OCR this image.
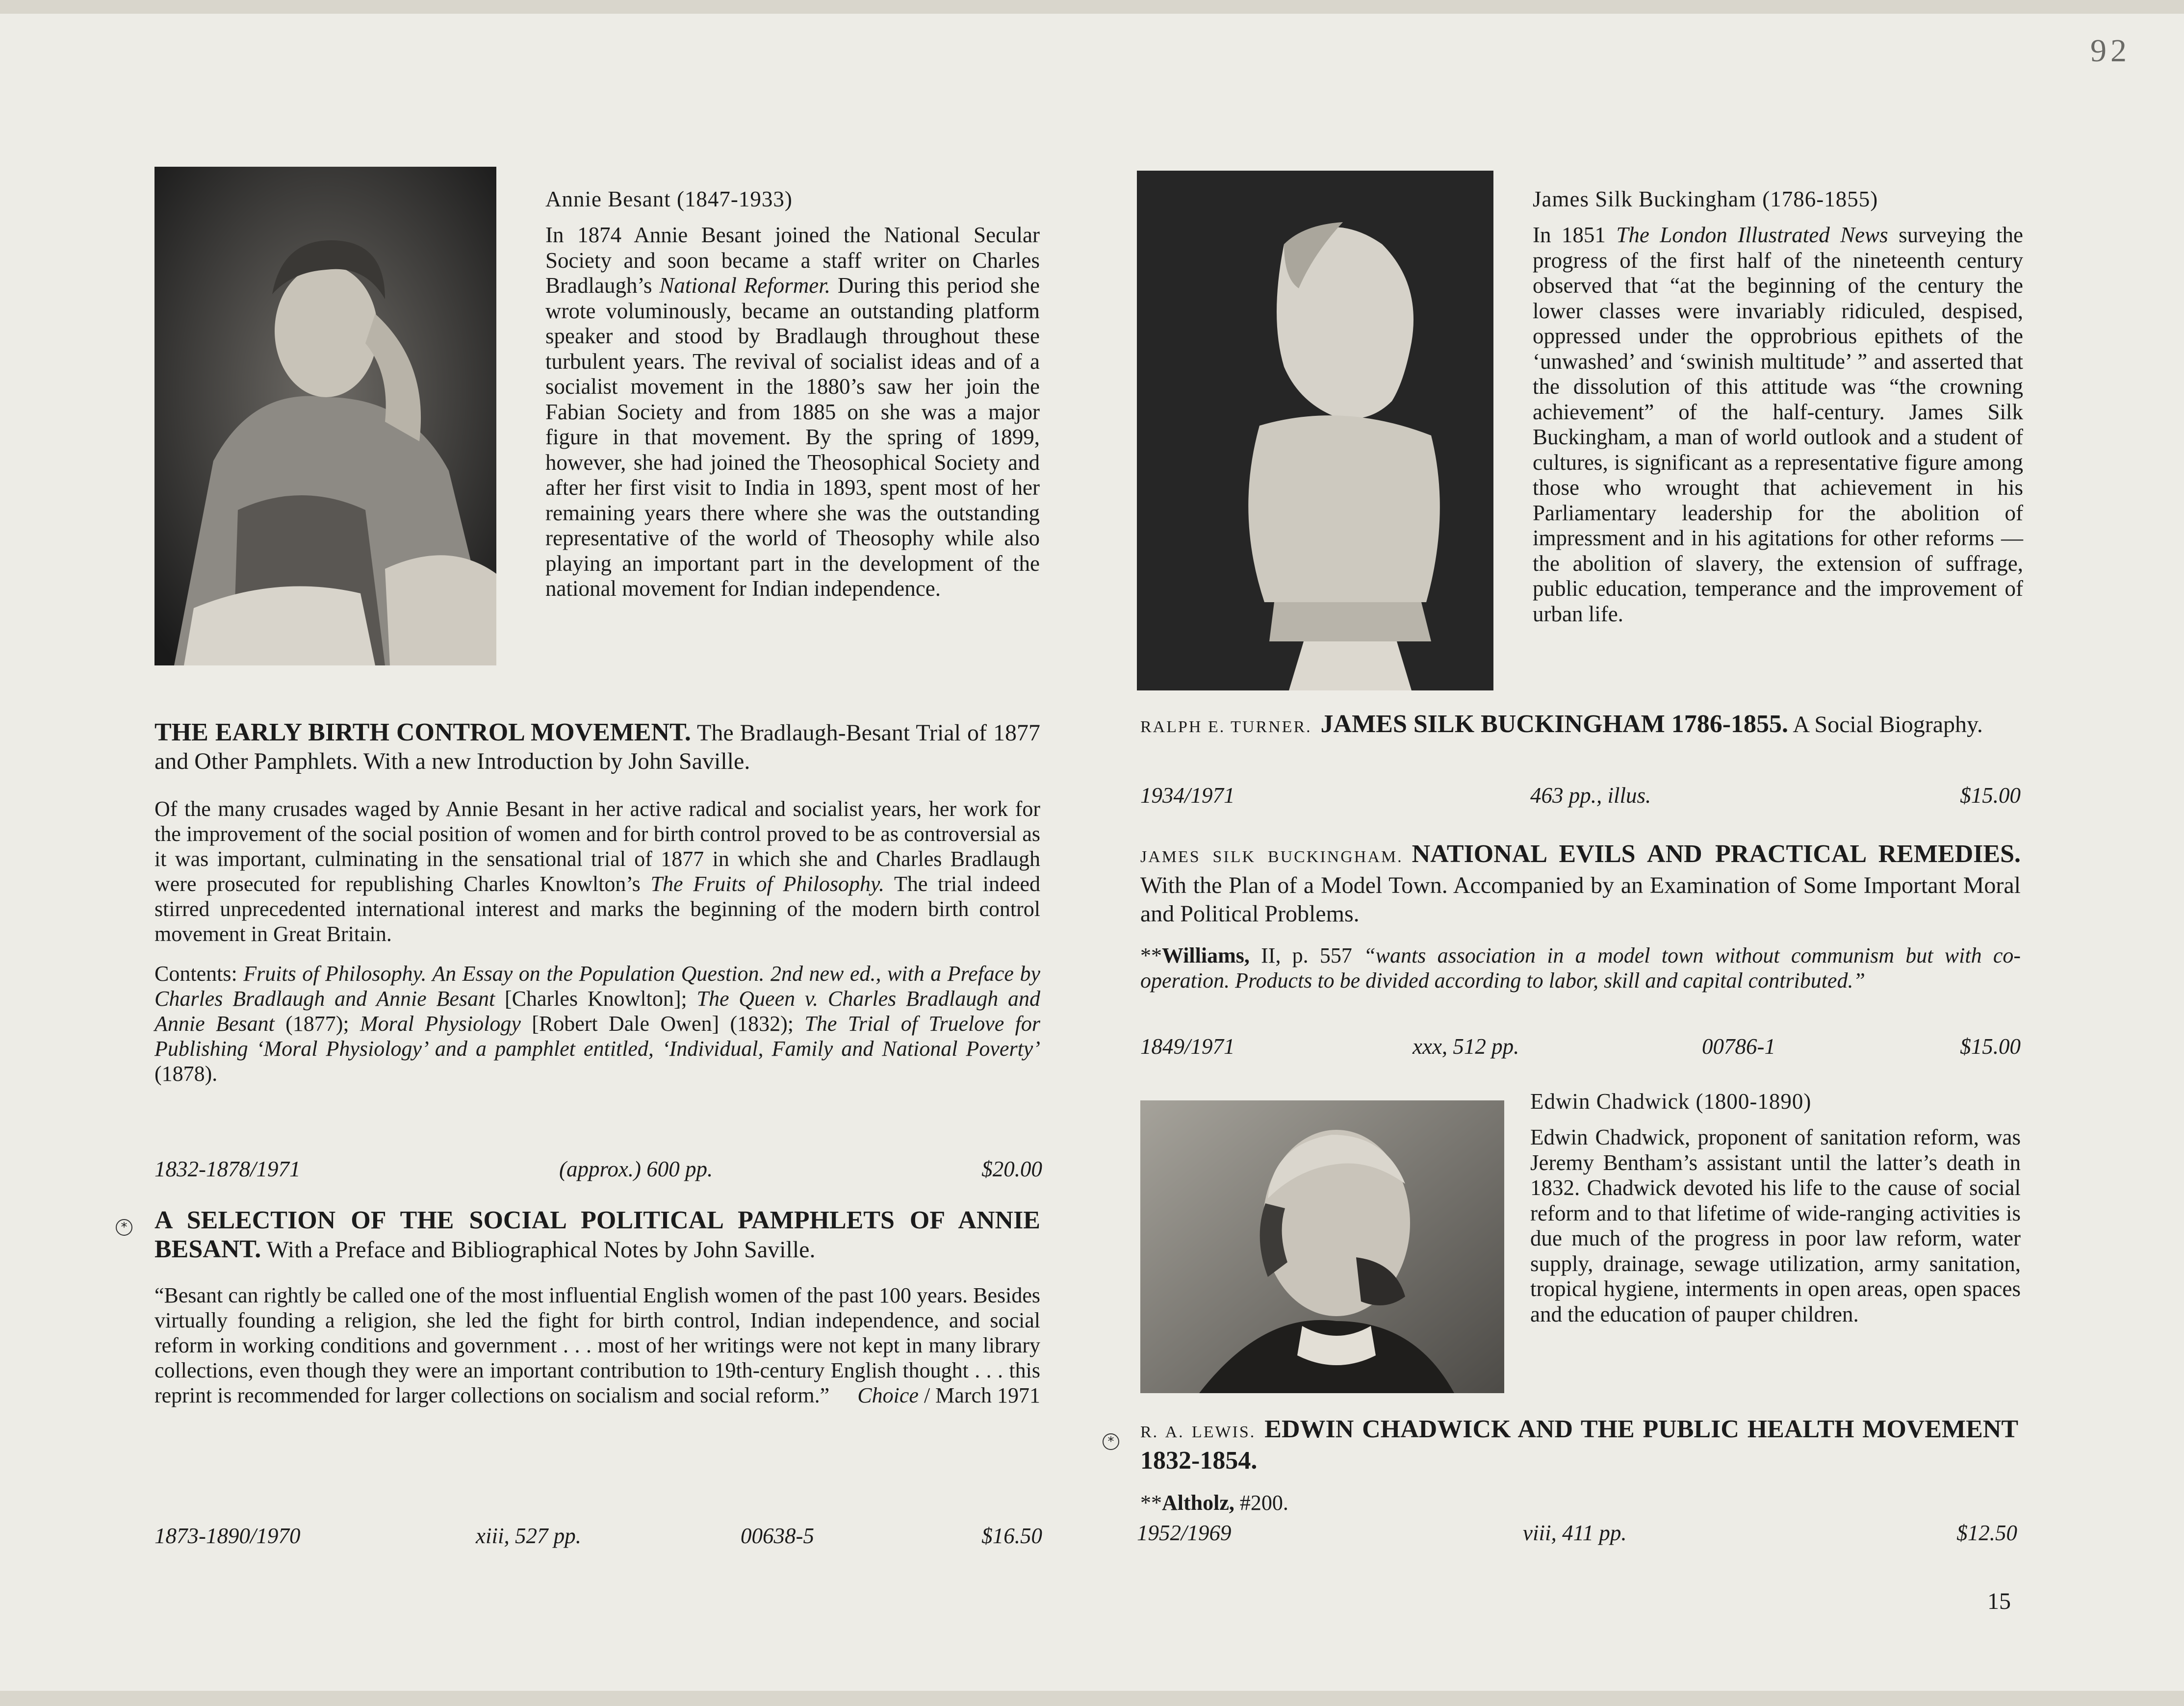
92
Annie Besant (1847-1933)

In 1874 Annie Besant joined the National Secular Society and soon became a staff writer on Charles Bradlaugh’s National Reformer. During this period she wrote voluminously, became an outstanding platform speaker and stood by Bradlaugh throughout these turbulent years. The revival of socialist ideas and of a socialist movement in the 1880’s saw her join the Fabian Society and from 1885 on she was a major figure in that movement. By the spring of 1899, however, she had joined the Theosophical Society and after her first visit to India in 1893, spent most of her remaining years there where she was the outstanding representative of the world of Theosophy while also playing an important part in the development of the national movement for Indian independence.

THE EARLY BIRTH CONTROL MOVEMENT. The Bradlaugh-Besant Trial of 1877 and Other Pamphlets. With a new Introduction by John Saville.

Of the many crusades waged by Annie Besant in her active radical and socialist years, her work for the improvement of the social position of women and for birth control proved to be as controversial as it was important, culminating in the sensational trial of 1877 in which she and Charles Bradlaugh were prosecuted for republishing Charles Knowlton’s The Fruits of Philosophy. The trial indeed stirred unprecedented international interest and marks the beginning of the modern birth control movement in Great Britain.

Contents: Fruits of Philosophy. An Essay on the Population Question. 2nd new ed., with a Preface by Charles Bradlaugh and Annie Besant [Charles Knowlton]; The Queen v. Charles Bradlaugh and Annie Besant (1877); Moral Physiology [Robert Dale Owen] (1832); The Trial of Truelove for Publishing ‘Moral Physiology’ and a pamphlet entitled, ‘Individual, Family and National Poverty’ (1878).

1832-1878/1971	(approx.) 600 pp.	$20.00
* A SELECTION OF THE SOCIAL POLITICAL PAMPHLETS OF ANNIE BESANT. With a Preface and Bibliographical Notes by John Saville.

“Besant can rightly be called one of the most influential English women of the past 100 years. Besides virtually founding a religion, she led the fight for birth control, Indian independence, and social reform in working conditions and government . . . most of her writings were not kept in many library collections, even though they were an important contribution to 19th-century English thought . . . this reprint is recommended for larger collections on socialism and social reform.”	Choice / March 1971
1873-1890/1970	xiii, 527 pp.	00638-5	$16.50
James Silk Buckingham (1786-1855)

In 1851 The London Illustrated News surveying the progress of the first half of the nineteenth century observed that “at the beginning of the century the lower classes were invariably ridiculed, despised, oppressed under the opprobrious epithets of the ‘unwashed’ and ‘swinish multitude’ ” and asserted that the dissolution of this attitude was “the crowning achievement” of the half-century. James Silk Buckingham, a man of world outlook and a student of cultures, is significant as a representative figure among those who wrought that achievement in his Parliamentary leadership for the abolition of impressment and in his agitations for other reforms — the abolition of slavery, the extension of suffrage, public education, temperance and the improvement of urban life.

RALPH E. TURNER. JAMES SILK BUCKINGHAM 1786-1855. A Social Biography.
1934/1971	463 pp., illus.	$15.00
JAMES SILK BUCKINGHAM. NATIONAL EVILS AND PRACTICAL REMEDIES. With the Plan of a Model Town. Accompanied by an Examination of Some Important Moral and Political Problems.

**Williams, II, p. 557 “wants association in a model town without communism but with co-operation. Products to be divided according to labor, skill and capital contributed.”

1849/1971	xxx, 512 pp.	00786-1	$15.00
Edwin Chadwick (1800-1890)

Edwin Chadwick, proponent of sanitation reform, was Jeremy Bentham’s assistant until the latter’s death in 1832. Chadwick devoted his life to the cause of social reform and to that lifetime of wide-ranging activities is due much of the progress in poor law reform, water supply, drainage, sewage utilization, army sanitation, tropical hygiene, interments in open areas, open spaces and the education of pauper children.

*
R. A. LEWIS. EDWIN CHADWICK AND THE PUBLIC HEALTH MOVEMENT 1832-1854.

**Altholz, #200.

1952/1969	viii, 411 pp.	$12.50
15
